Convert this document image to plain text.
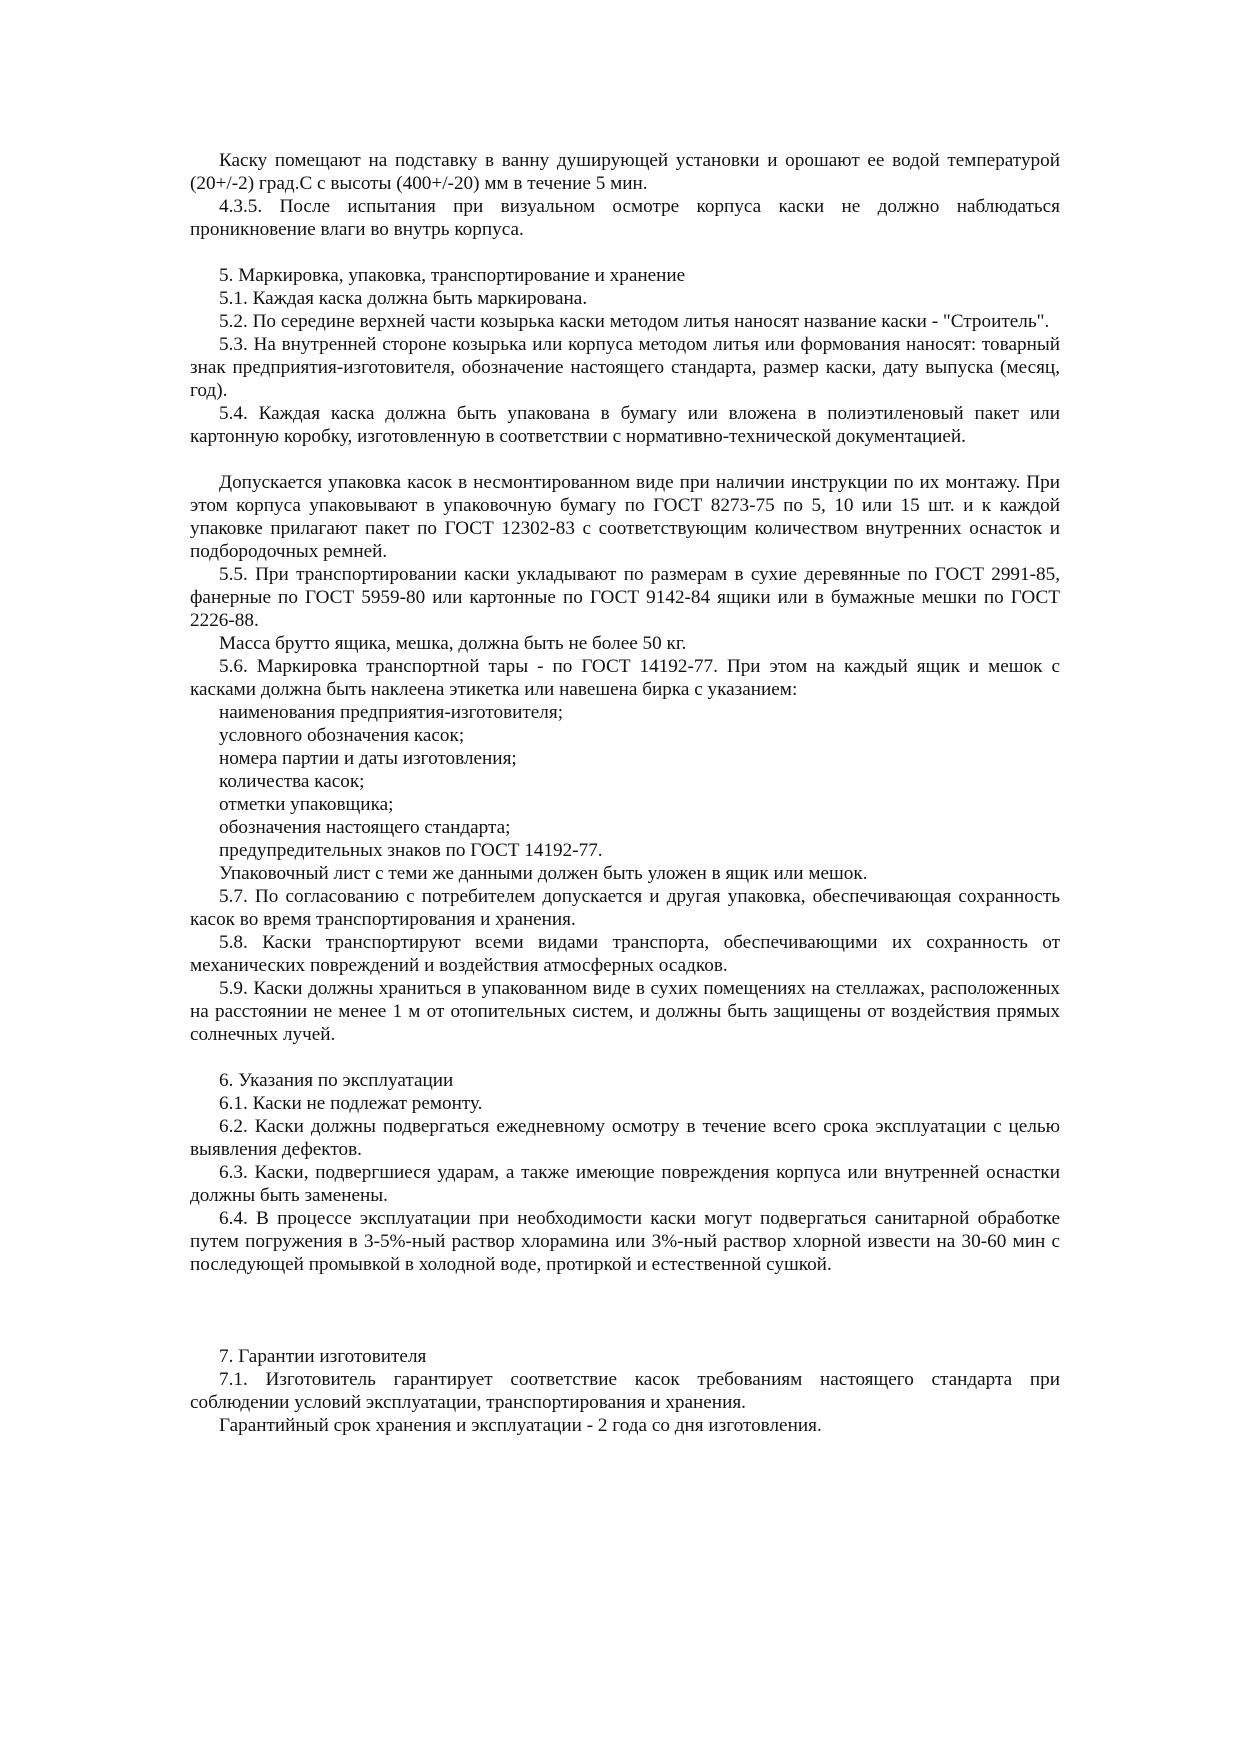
Каску помещают на подставку в ванну душирующей установки и орошают ее водой температурой (20+/-2) град.С с высоты (400+/-20) мм в течение 5 мин.

4.3.5. После испытания при визуальном осмотре корпуса каски не должно наблюдаться проникновение влаги во внутрь корпуса.

5. Маркировка, упаковка, транспортирование и хранение

5.1. Каждая каска должна быть маркирована.

5.2. По середине верхней части козырька каски методом литья наносят название каски - "Строитель".

5.3. На внутренней стороне козырька или корпуса методом литья или формования наносят: товарный знак предприятия-изготовителя, обозначение настоящего стандарта, размер каски, дату выпуска (месяц, год).

5.4. Каждая каска должна быть упакована в бумагу или вложена в полиэтиленовый пакет или картонную коробку, изготовленную в соответствии с нормативно-технической документацией.

Допускается упаковка касок в несмонтированном виде при наличии инструкции по их монтажу. При этом корпуса упаковывают в упаковочную бумагу по ГОСТ 8273-75 по 5, 10 или 15 шт. и к каждой упаковке прилагают пакет по ГОСТ 12302-83 с соответствующим количеством внутренних оснасток и подбородочных ремней.

5.5. При транспортировании каски укладывают по размерам в сухие деревянные по ГОСТ 2991-85, фанерные по ГОСТ 5959-80 или картонные по ГОСТ 9142-84 ящики или в бумажные мешки по ГОСТ 2226-88.

Масса брутто ящика, мешка, должна быть не более 50 кг.

5.6. Маркировка транспортной тары - по ГОСТ 14192-77. При этом на каждый ящик и мешок с касками должна быть наклеена этикетка или навешена бирка с указанием:

наименования предприятия-изготовителя;

условного обозначения касок;

номера партии и даты изготовления;

количества касок;

отметки упаковщика;

обозначения настоящего стандарта;

предупредительных знаков по ГОСТ 14192-77.

Упаковочный лист с теми же данными должен быть уложен в ящик или мешок.

5.7. По согласованию с потребителем допускается и другая упаковка, обеспечивающая сохранность касок во время транспортирования и хранения.

5.8. Каски транспортируют всеми видами транспорта, обеспечивающими их сохранность от механических повреждений и воздействия атмосферных осадков.

5.9. Каски должны храниться в упакованном виде в сухих помещениях на стеллажах, расположенных на расстоянии не менее 1 м от отопительных систем, и должны быть защищены от воздействия прямых солнечных лучей.

6. Указания по эксплуатации

6.1. Каски не подлежат ремонту.

6.2. Каски должны подвергаться ежедневному осмотру в течение всего срока эксплуатации с целью выявления дефектов.

6.3. Каски, подвергшиеся ударам, а также имеющие повреждения корпуса или внутренней оснастки должны быть заменены.

6.4. В процессе эксплуатации при необходимости каски могут подвергаться санитарной обработке путем погружения в 3-5%-ный раствор хлорамина или 3%-ный раствор хлорной извести на 30-60 мин с последующей промывкой в холодной воде, протиркой и естественной сушкой.

7. Гарантии изготовителя

7.1. Изготовитель гарантирует соответствие касок требованиям настоящего стандарта при соблюдении условий эксплуатации, транспортирования и хранения.

Гарантийный срок хранения и эксплуатации - 2 года со дня изготовления.
